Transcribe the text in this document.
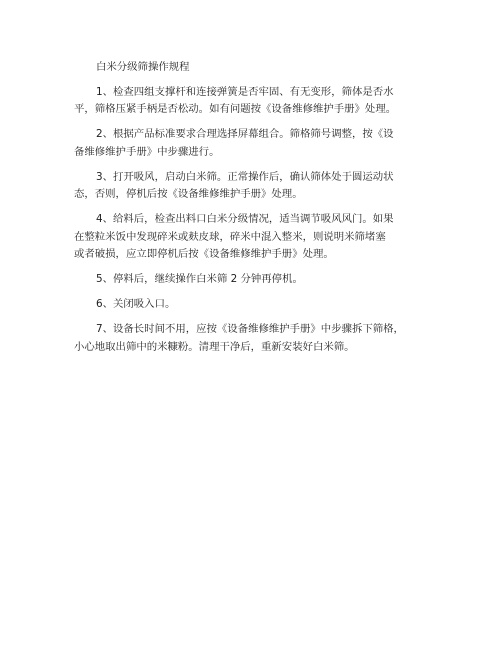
白米分级筛操作规程
1、检查四组支撑杆和连接弹簧是否牢固、有无变形，筛体是否水
平，筛格压紧手柄是否松动。如有问题按《设备维修维护手册》处理。
2、根据产品标准要求合理选择屏幕组合。筛格筛号调整，按《设
备维修维护手册》中步骤进行。
3、打开吸风，启动白米筛。正常操作后，确认筛体处于圆运动状
态，否则，停机后按《设备维修维护手册》处理。
4、给料后，检查出料口白米分级情况，适当调节吸风风门。如果
在整粒米饭中发现碎米或麸皮球，碎米中混入整米，则说明米筛堵塞
或者破损，应立即停机后按《设备维修维护手册》处理。
5、停料后，继续操作白米筛 2 分钟再停机。
6、关闭吸入口。
7、设备长时间不用，应按《设备维修维护手册》中步骤拆下筛格，
小心地取出筛中的米糠粉。清理干净后，重新安装好白米筛。
